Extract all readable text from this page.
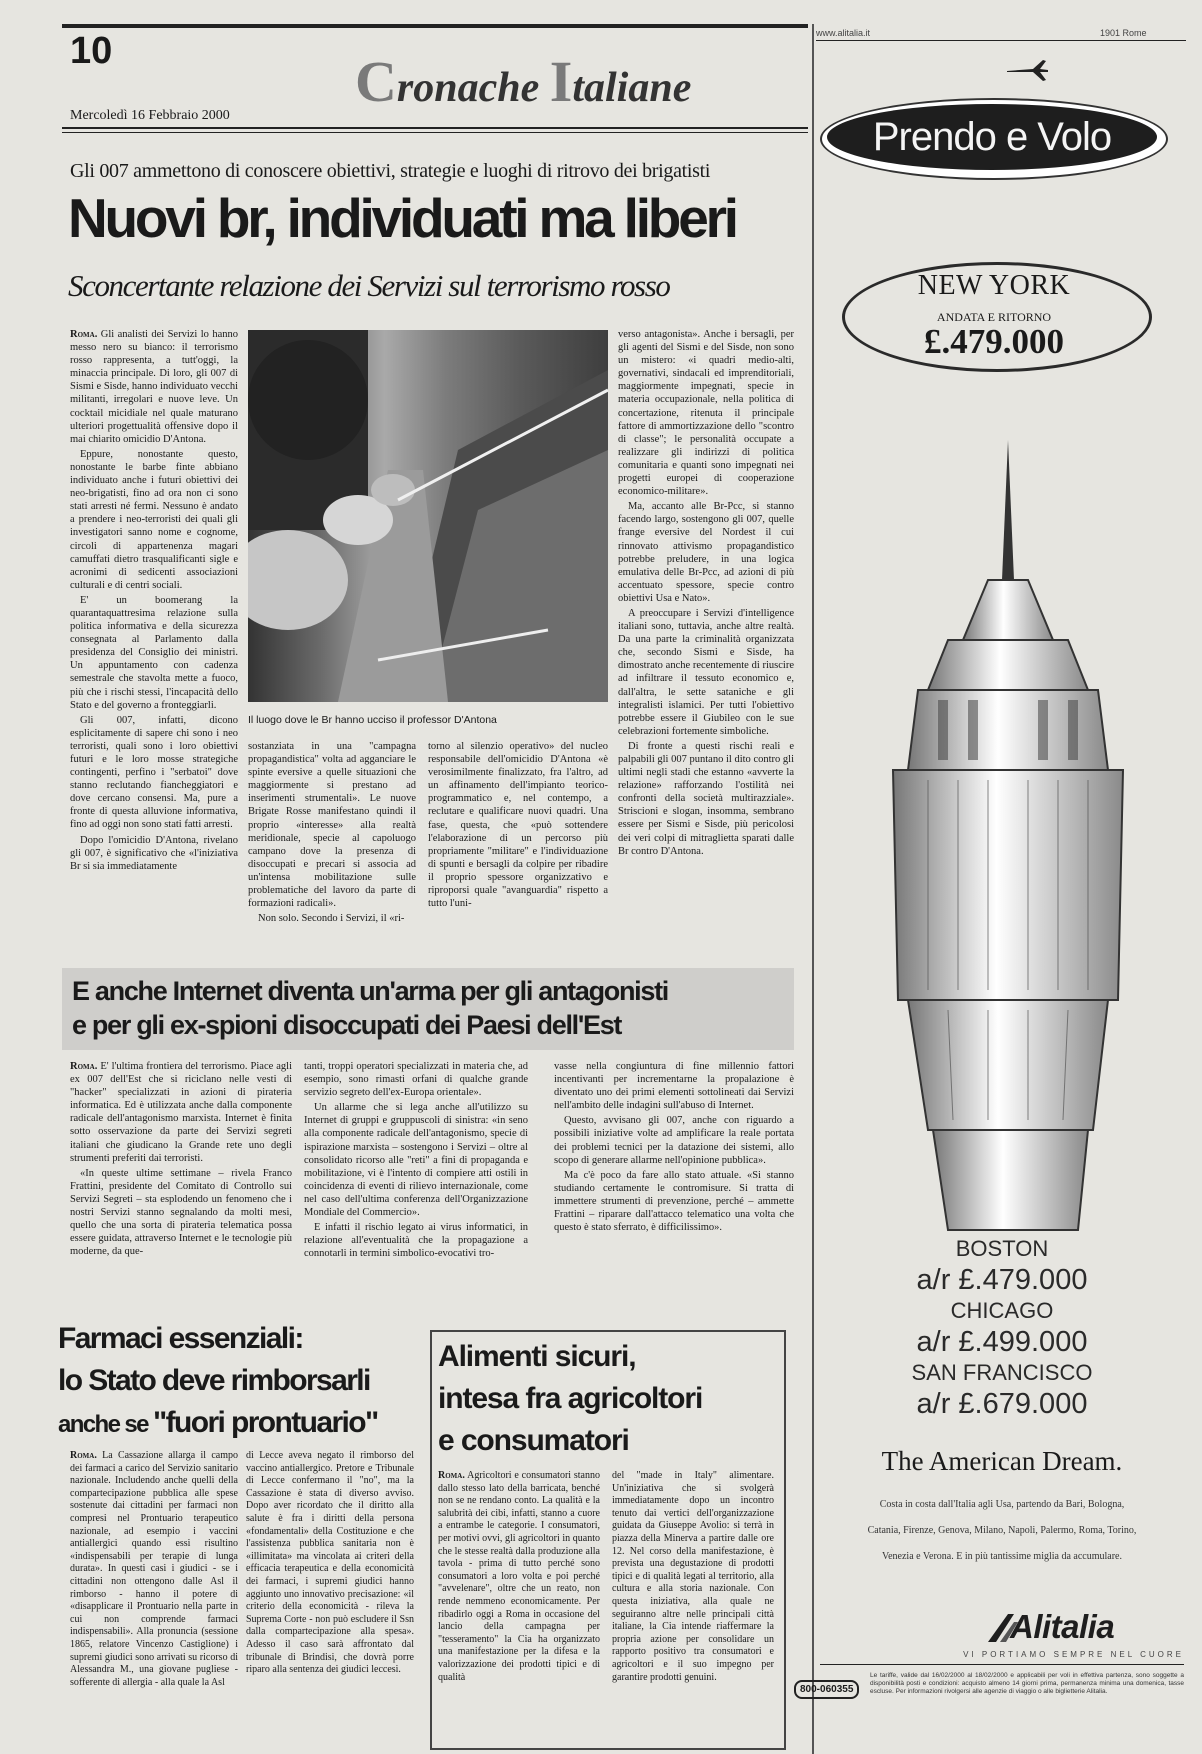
10	Cronache Italiane
Mercoledì 16 Febbraio 2000
Gli 007 ammettono di conoscere obiettivi, strategie e luoghi di ritrovo dei brigatisti
Nuovi br, individuati ma liberi
Sconcertante relazione dei Servizi sul terrorismo rosso
Il luogo dove le Br hanno ucciso il professor D'Antona

Roma. Gli analisti dei Servizi lo hanno messo nero su bianco: il terrorismo rosso rappresenta, a tutt'oggi, la minaccia principale. Di loro, gli 007 di Sismi e Sisde, hanno individuato vecchi militanti, irregolari e nuove leve. Un cocktail micidiale nel quale maturano ulteriori progettualità offensive dopo il mai chiarito omicidio D'Antona.

Eppure, nonostante questo, nonostante le barbe finte abbiano individuato anche i futuri obiettivi dei neo-brigatisti, fino ad ora non ci sono stati arresti né fermi. Nessuno è andato a prendere i neo-terroristi dei quali gli investigatori sanno nome e cognome, circoli di appartenenza magari camuffati dietro trasqualificanti sigle e acronimi di sedicenti associazioni culturali e di centri sociali.

E' un boomerang la quarantaquattresima relazione sulla politica informativa e della sicurezza consegnata al Parlamento dalla presidenza del Consiglio dei ministri. Un appuntamento con cadenza semestrale che stavolta mette a fuoco, più che i rischi stessi, l'incapacità dello Stato e del governo a fronteggiarli.

Gli 007, infatti, dicono esplicitamente di sapere chi sono i neo terroristi, quali sono i loro obiettivi futuri e le loro mosse strategiche contingenti, perfino i "serbatoi" dove stanno reclutando fiancheggiatori e dove cercano consensi. Ma, pure a fronte di questa alluvione informativa, fino ad oggi non sono stati fatti arresti.

Dopo l'omicidio D'Antona, rivelano gli 007, è significativo che «l'iniziativa Br si sia immediatamente

sostanziata in una "campagna propagandistica" volta ad agganciare le spinte eversive a quelle situazioni che maggiormente si prestano ad inserimenti strumentali». Le nuove Brigate Rosse manifestano quindi il proprio «interesse» alla realtà meridionale, specie al capoluogo campano dove la presenza di disoccupati e precari si associa ad un'intensa mobilitazione sulle problematiche del lavoro da parte di formazioni radicali».

Non solo. Secondo i Servizi, il «ri-

torno al silenzio operativo» del nucleo responsabile dell'omicidio D'Antona «è verosimilmente finalizzato, fra l'altro, ad un affinamento dell'impianto teorico-programmatico e, nel contempo, a reclutare e qualificare nuovi quadri. Una fase, questa, che «può sottendere l'elaborazione di un percorso più propriamente "militare" e l'individuazione di spunti e bersagli da colpire per ribadire il proprio spessore organizzativo e riproporsi quale "avanguardia" rispetto a tutto l'uni-

verso antagonista». Anche i bersagli, per gli agenti del Sismi e del Sisde, non sono un mistero: «i quadri medio-alti, governativi, sindacali ed imprenditoriali, maggiormente impegnati, specie in materia occupazionale, nella politica di concertazione, ritenuta il principale fattore di ammortizzazione dello "scontro di classe"; le personalità occupate a realizzare gli indirizzi di politica comunitaria e quanti sono impegnati nei progetti europei di cooperazione economico-militare».

Ma, accanto alle Br-Pcc, si stanno facendo largo, sostengono gli 007, quelle frange eversive del Nordest il cui rinnovato attivismo propagandistico potrebbe preludere, in una logica emulativa delle Br-Pcc, ad azioni di più accentuato spessore, specie contro obiettivi Usa e Nato».

A preoccupare i Servizi d'intelligence italiani sono, tuttavia, anche altre realtà. Da una parte la criminalità organizzata che, secondo Sismi e Sisde, ha dimostrato anche recentemente di riuscire ad infiltrare il tessuto economico e, dall'altra, le sette sataniche e gli integralisti islamici. Per tutti l'obiettivo potrebbe essere il Giubileo con le sue celebrazioni fortemente simboliche.

Di fronte a questi rischi reali e palpabili gli 007 puntano il dito contro gli ultimi negli stadi che estanno «avverte la relazione» rafforzando l'ostilità nei confronti della società multirazziale». Striscioni e slogan, insomma, sembrano essere per Sismi e Sisde, più pericolosi dei veri colpi di mitraglietta sparati dalle Br contro D'Antona.

E anche Internet diventa un'arma per gli antagonisti
e per gli ex-spioni disoccupati dei Paesi dell'Est

Roma. E' l'ultima frontiera del terrorismo. Piace agli ex 007 dell'Est che si riciclano nelle vesti di "hacker" specializzati in azioni di pirateria informatica. Ed è utilizzata anche dalla componente radicale dell'antagonismo marxista. Internet è finita sotto osservazione da parte dei Servizi segreti italiani che giudicano la Grande rete uno degli strumenti preferiti dai terroristi.

«In queste ultime settimane – rivela Franco Frattini, presidente del Comitato di Controllo sui Servizi Segreti – sta esplodendo un fenomeno che i nostri Servizi stanno segnalando da molti mesi, quello che una sorta di pirateria telematica possa essere guidata, attraverso Internet e le tecnologie più moderne, da que-

tanti, troppi operatori specializzati in materia che, ad esempio, sono rimasti orfani di qualche grande servizio segreto dell'ex-Europa orientale».

Un allarme che si lega anche all'utilizzo su Internet di gruppi e gruppuscoli di sinistra: «in seno alla componente radicale dell'antagonismo, specie di ispirazione marxista – sostengono i Servizi – oltre al consolidato ricorso alle "reti" a fini di propaganda e mobilitazione, vi è l'intento di compiere atti ostili in coincidenza di eventi di rilievo internazionale, come nel caso dell'ultima conferenza dell'Organizzazione Mondiale del Commercio».

E infatti il rischio legato ai virus informatici, in relazione all'eventualità che la propagazione a connotarli in termini simbolico-evocativi tro-

vasse nella congiuntura di fine millennio fattori incentivanti per incrementarne la propalazione è diventato uno dei primi elementi sottolineati dai Servizi nell'ambito delle indagini sull'abuso di Internet.

Questo, avvisano gli 007, anche con riguardo a possibili iniziative volte ad amplificare la reale portata dei problemi tecnici per la datazione dei sistemi, allo scopo di generare allarme nell'opinione pubblica».

Ma c'è poco da fare allo stato attuale. «Si stanno studiando certamente le contromisure. Si tratta di immettere strumenti di prevenzione, perché – ammette Frattini – riparare dall'attacco telematico una volta che questo è stato sferrato, è difficilissimo».

Farmaci essenziali:
lo Stato deve rimborsarli
anche se "fuori prontuario"

Roma. La Cassazione allarga il campo dei farmaci a carico del Servizio sanitario nazionale. Includendo anche quelli della compartecipazione pubblica alle spese sostenute dai cittadini per farmaci non compresi nel Prontuario terapeutico nazionale, ad esempio i vaccini antiallergici quando essi risultino «indispensabili per terapie di lunga durata». In questi casi i giudici - se i cittadini non ottengono dalle Asl il rimborso - hanno il potere di «disapplicare il Prontuario nella parte in cui non comprende farmaci indispensabili». Alla pronuncia (sessione 1865, relatore Vincenzo Castiglione) i supremi giudici sono arrivati su ricorso di Alessandra M., una giovane pugliese - sofferente di allergia - alla quale la Asl

di Lecce aveva negato il rimborso del vaccino antiallergico. Pretore e Tribunale di Lecce confermano il "no", ma la Cassazione è stata di diverso avviso. Dopo aver ricordato che il diritto alla salute è fra i diritti della persona «fondamentali» della Costituzione e che l'assistenza pubblica sanitaria non è «illimitata» ma vincolata ai criteri della efficacia terapeutica e della economicità dei farmaci, i supremi giudici hanno aggiunto uno innovativo precisazione: «il criterio della economicità - rileva la Suprema Corte - non può escludere il Ssn dalla compartecipazione alla spesa». Adesso il caso sarà affrontato dal tribunale di Brindisi, che dovrà porre riparo alla sentenza dei giudici leccesi.

Alimenti sicuri,
intesa fra agricoltori
e consumatori

Roma. Agricoltori e consumatori stanno dallo stesso lato della barricata, benché non se ne rendano conto. La qualità e la salubrità dei cibi, infatti, stanno a cuore a entrambe le categorie. I consumatori, per motivi ovvi, gli agricoltori in quanto che le stesse realtà dalla produzione alla tavola - prima di tutto perché sono consumatori a loro volta e poi perché "avvelenare", oltre che un reato, non rende nemmeno economicamente. Per ribadirlo oggi a Roma in occasione del lancio della campagna per "tesseramento" la Cia ha organizzato una manifestazione per la difesa e la valorizzazione dei prodotti tipici e di qualità

del "made in Italy" alimentare. Un'iniziativa che si svolgerà immediatamente dopo un incontro tenuto dai vertici dell'organizzazione guidata da Giuseppe Avolio: si terrà in piazza della Minerva a partire dalle ore 12. Nel corso della manifestazione, è prevista una degustazione di prodotti tipici e di qualità legati al territorio, alla cultura e alla storia nazionale. Con questa iniziativa, alla quale ne seguiranno altre nelle principali città italiane, la Cia intende riaffermare la propria azione per consolidare un rapporto positivo tra consumatori e agricoltori e il suo impegno per garantire prodotti genuini.

www.alitalia.it	1901 Rome
Prendo e Volo
NEW YORK
ANDATA E RITORNO
£.479.000
BOSTON
a/r £.479.000
CHICAGO
a/r £.499.000
SAN FRANCISCO
a/r £.679.000
The American Dream.
Costa in costa dall'Italia agli Usa, partendo da Bari, Bologna,
Catania, Firenze, Genova, Milano, Napoli, Palermo, Roma, Torino,
Venezia e Verona. E in più tantissime miglia da accumulare.
Alitalia
VI PORTIAMO SEMPRE NEL CUORE
800-060355
Le tariffe, valide dal 16/02/2000 al 18/02/2000 e applicabili per voli in effettiva partenza, sono soggette a disponibilità posti e condizioni: acquisto almeno 14 giorni prima, permanenza minima una domenica, tasse escluse. Per informazioni rivolgersi alle agenzie di viaggio o alle biglietterie Alitalia.
